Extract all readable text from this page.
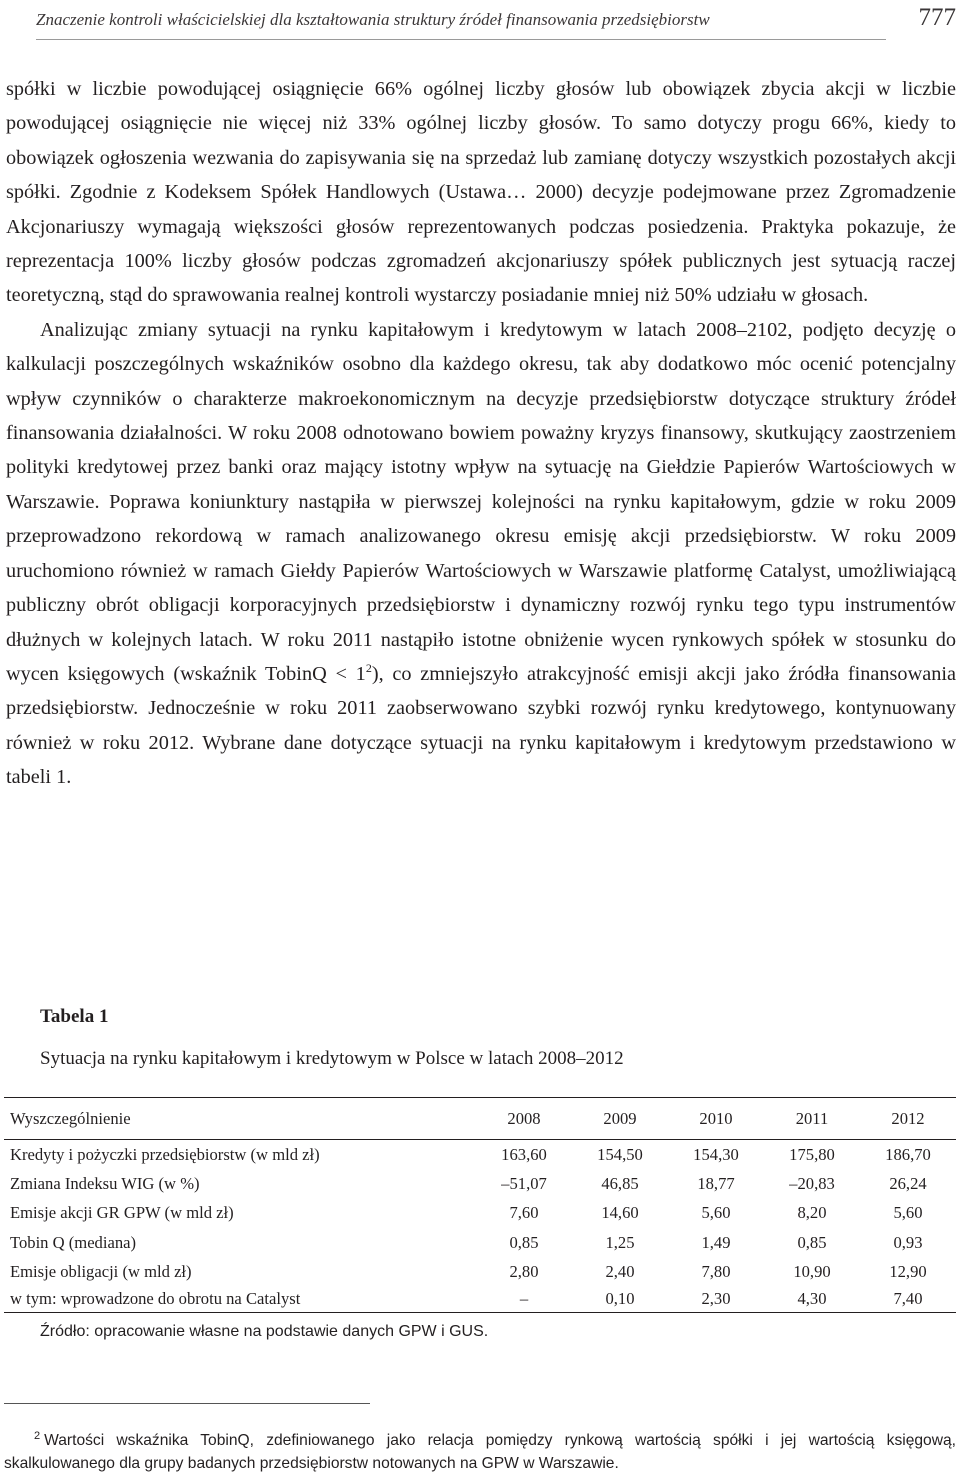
Znaczenie kontroli właścicielskiej dla kształtowania struktury źródeł finansowania przedsiębiorstw	777

spółki w liczbie powodującej osiągnięcie 66% ogólnej liczby głosów lub obowiązek zbycia akcji w liczbie powodującej osiągnięcie nie więcej niż 33% ogólnej liczby głosów. To samo dotyczy progu 66%, kiedy to obowiązek ogłoszenia wezwania do zapisywania się na sprzedaż lub zamianę dotyczy wszystkich pozostałych akcji spółki. Zgodnie z Kodeksem Spółek Handlowych (Ustawa… 2000) decyzje podejmowane przez Zgromadzenie Akcjonariuszy wymagają większości głosów reprezentowanych podczas posiedzenia. Praktyka pokazuje, że reprezentacja 100% liczby głosów podczas zgromadzeń akcjonariuszy spółek publicznych jest sytuacją raczej teoretyczną, stąd do sprawowania realnej kontroli wystarczy posiadanie mniej niż 50% udziału w głosach.

Analizując zmiany sytuacji na rynku kapitałowym i kredytowym w latach 2008–2102, podjęto decyzję o kalkulacji poszczególnych wskaźników osobno dla każdego okresu, tak aby dodatkowo móc ocenić potencjalny wpływ czynników o charakterze makroekonomicznym na decyzje przedsiębiorstw dotyczące struktury źródeł finansowania działalności. W roku 2008 odnotowano bowiem poważny kryzys finansowy, skutkujący zaostrzeniem polityki kredytowej przez banki oraz mający istotny wpływ na sytuację na Giełdzie Papierów Wartościowych w Warszawie. Poprawa koniunktury nastąpiła w pierwszej kolejności na rynku kapitałowym, gdzie w roku 2009 przeprowadzono rekordową w ramach analizowanego okresu emisję akcji przedsiębiorstw. W roku 2009 uruchomiono również w ramach Giełdy Papierów Wartościowych w Warszawie platformę Catalyst, umożliwiającą publiczny obrót obligacji korporacyjnych przedsiębiorstw i dynamiczny rozwój rynku tego typu instrumentów dłużnych w kolejnych latach. W roku 2011 nastąpiło istotne obniżenie wycen rynkowych spółek w stosunku do wycen księgowych (wskaźnik TobinQ < $1^2$), co zmniejszyło atrakcyjność emisji akcji jako źródła finansowania przedsiębiorstw. Jednocześnie w roku 2011 zaobserwowano szybki rozwój rynku kredytowego, kontynuowany również w roku 2012. Wybrane dane dotyczące sytuacji na rynku kapitałowym i kredytowym przedstawiono w tabeli 1.

Tabela 1
Sytuacja na rynku kapitałowym i kredytowym w Polsce w latach 2008–2012
Wyszczególnienie	2008	2009	2010	2011	2012
Kredyty i pożyczki przedsiębiorstw (w mld zł)	163,60	154,50	154,30	175,80	186,70
Zmiana Indeksu WIG (w %)	–51,07	46,85	18,77	–20,83	26,24
Emisje akcji GR GPW (w mld zł)	7,60	14,60	5,60	8,20	5,60
Tobin Q (mediana)	0,85	1,25	1,49	0,85	0,93
Emisje obligacji (w mld zł)	2,80	2,40	7,80	10,90	12,90
w tym: wprowadzone do obrotu na Catalyst	–	0,10	2,30	4,30	7,40
Źródło: opracowanie własne na podstawie danych GPW i GUS.
$^2$ Wartości wskaźnika TobinQ, zdefiniowanego jako relacja pomiędzy rynkową wartością spółki i jej wartością księgową, skalkulowanego dla grupy badanych przedsiębiorstw notowanych na GPW w Warszawie.
